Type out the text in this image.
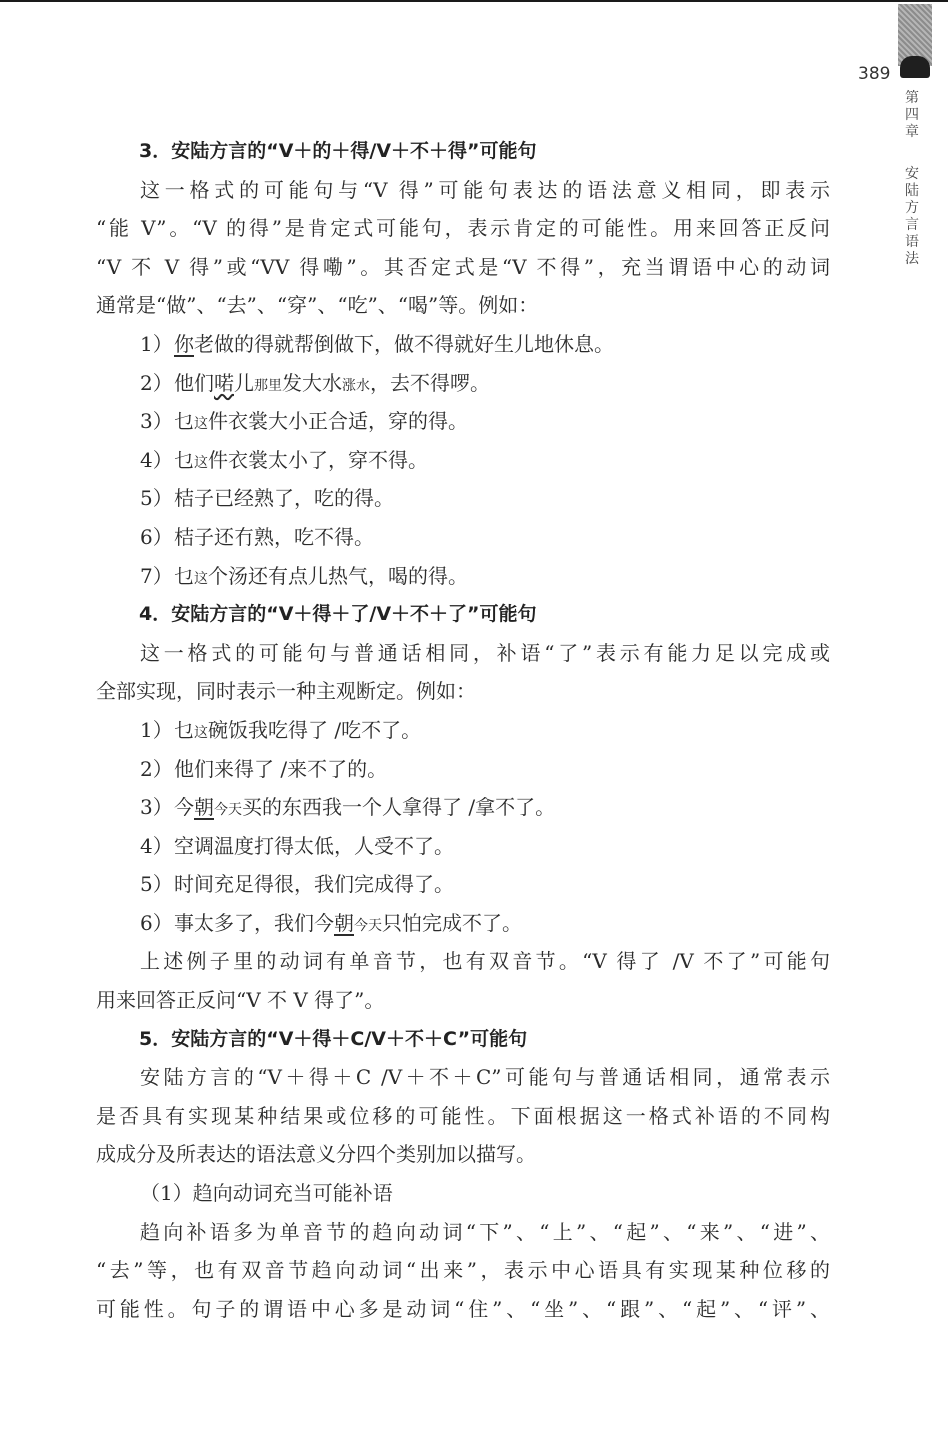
389
第四章
安陆方言语法
3．安陆方言的“V＋的＋得/V＋不＋得”可能句
这一格式的可能句与“V 得”可能句表达的语法意义相同，即表示
“能 V”。“V 的得”是肯定式可能句，表示肯定的可能性。用来回答正反问
“V 不 V 得”或“VV 得嘞”。其否定式是“V 不得”，充当谓语中心的动词
通常是“做”、“去”、“穿”、“吃”、“喝”等。例如：
1）你老做的得就帮倒做下，做不得就好生儿地休息。
2）他们喏儿那里发大水涨水，去不得啰。
3）乜这件衣裳大小正合适，穿的得。
4）乜这件衣裳太小了，穿不得。
5）桔子已经熟了，吃的得。
6）桔子还冇熟，吃不得。
7）乜这个汤还有点儿热气，喝的得。
4．安陆方言的“V＋得＋了/V＋不＋了”可能句
这一格式的可能句与普通话相同，补语“了”表示有能力足以完成或
全部实现，同时表示一种主观断定。例如：
1）乜这碗饭我吃得了 /吃不了。
2）他们来得了 /来不了的。
3）今朝今天买的东西我一个人拿得了 /拿不了。
4）空调温度打得太低，人受不了。
5）时间充足得很，我们完成得了。
6）事太多了，我们今朝今天只怕完成不了。
上述例子里的动词有单音节，也有双音节。“V 得了 /V 不了”可能句
用来回答正反问“V 不 V 得了”。
5．安陆方言的“V＋得＋C/V＋不＋C”可能句
安陆方言的“V＋得＋C /V＋不＋C”可能句与普通话相同，通常表示
是否具有实现某种结果或位移的可能性。下面根据这一格式补语的不同构
成成分及所表达的语法意义分四个类别加以描写。
（1）趋向动词充当可能补语
趋向补语多为单音节的趋向动词“下”、“上”、“起”、“来”、“进”、
“去”等，也有双音节趋向动词“出来”，表示中心语具有实现某种位移的
可能性。句子的谓语中心多是动词“住”、“坐”、“跟”、“起”、“评”、
